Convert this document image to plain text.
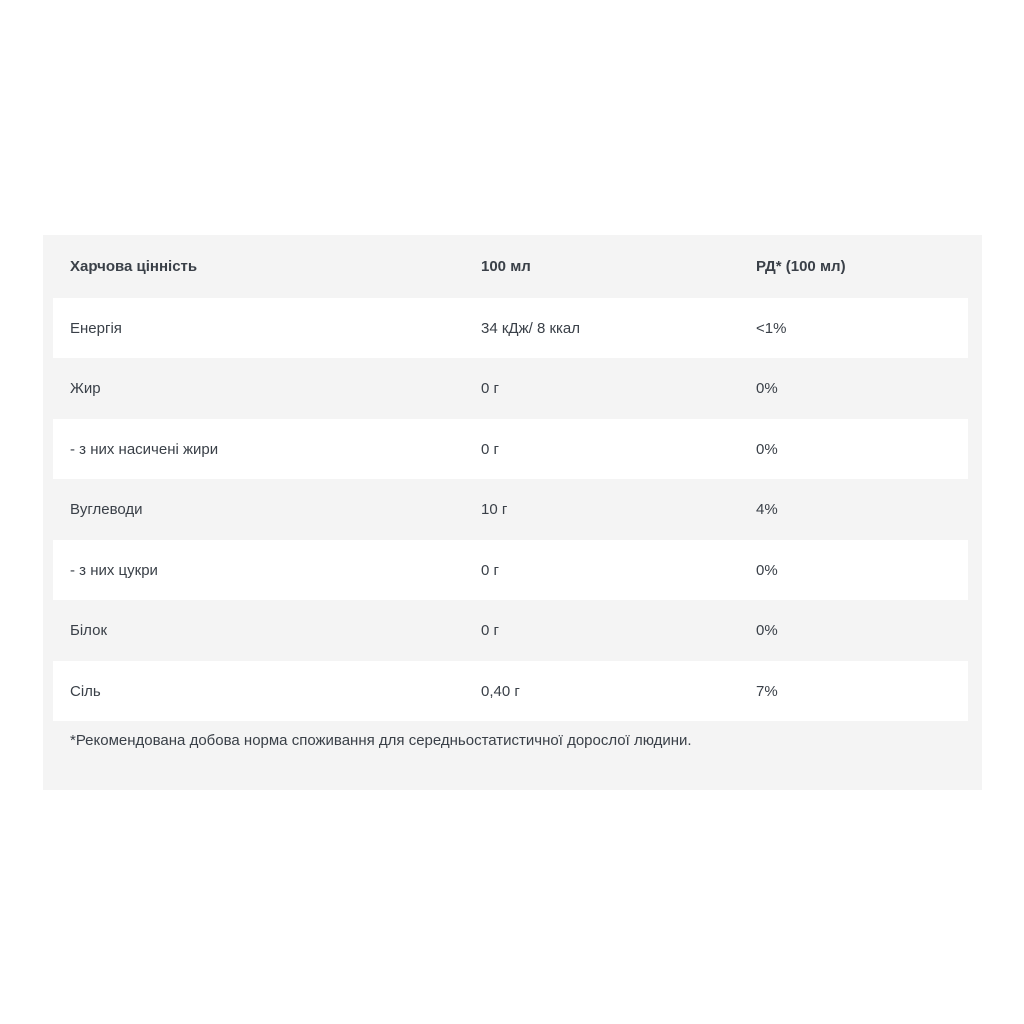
Харчова цінність	100 мл	РД* (100 мл)
Енергія	34 кДж/ 8 ккал	<1%
Жир	0 г	0%
- з них насичені жири	0 г	0%
Вуглеводи	10 г	4%
- з них цукри	0 г	0%
Білок	0 г	0%
Сіль	0,40 г	7%
*Рекомендована добова норма споживання для середньостатистичної дорослої людини.
